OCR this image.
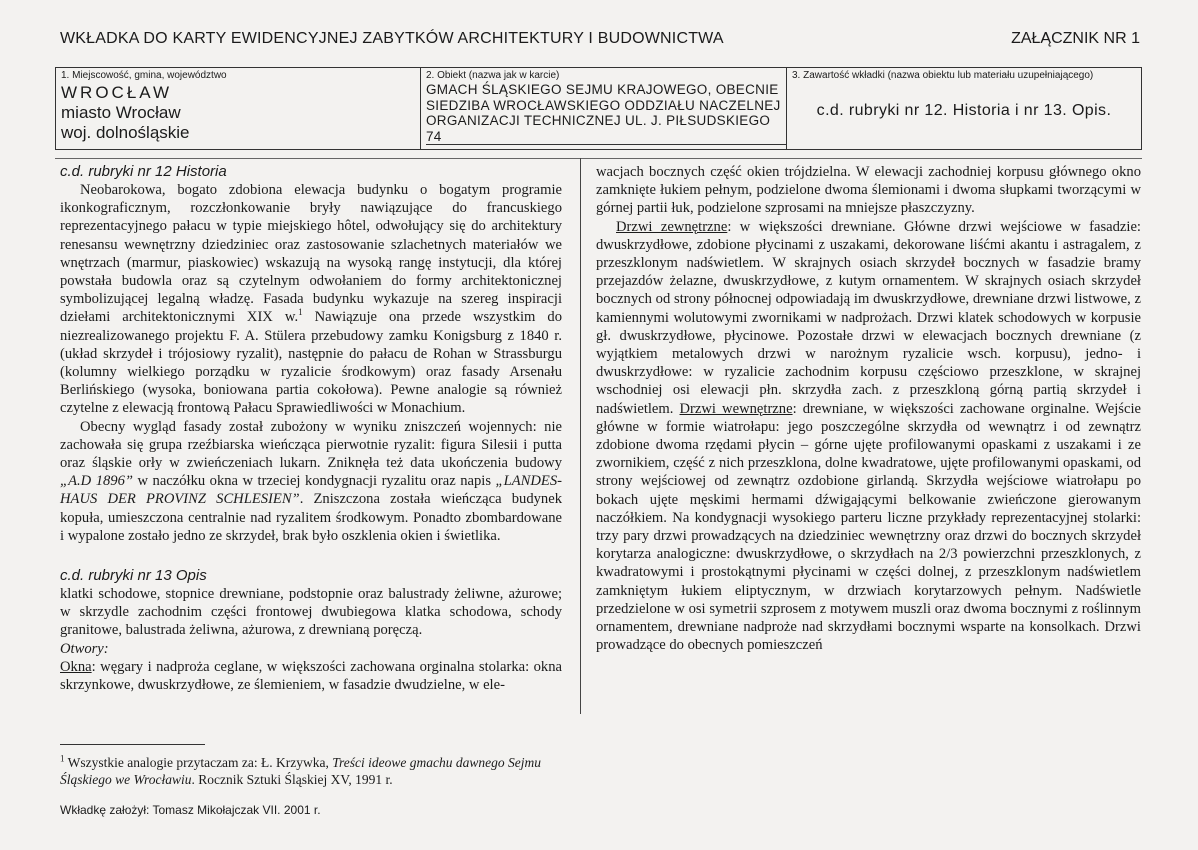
WKŁADKA DO KARTY EWIDENCYJNEJ ZABYTKÓW ARCHITEKTURY I BUDOWNICTWA	ZAŁĄCZNIK NR 1
1. Miejscowość, gmina, województwo
WROCŁAW
miasto Wrocław
woj. dolnośląskie
2. Obiekt (nazwa jak w karcie)
GMACH ŚLĄSKIEGO SEJMU KRAJOWEGO, OBECNIE SIEDZIBA WROCŁAWSKIEGO ODDZIAŁU NACZELNEJ ORGANIZACJI TECHNICZNEJ UL. J. PIŁSUDSKIEGO 74
3. Zawartość wkładki (nazwa obiektu lub materiału uzupełniającego)
c.d. rubryki nr 12. Historia i nr 13. Opis.
c.d. rubryki nr 12 Historia

Neobarokowa, bogato zdobiona elewacja budynku o bogatym programie ikonkograficznym, rozczłonkowanie bryły nawiązujące do francuskiego reprezentacyjnego pałacu w typie miejskiego hôtel, odwołujący się do architektury renesansu wewnętrzny dziedziniec oraz zastosowanie szlachetnych materiałów we wnętrzach (marmur, piaskowiec) wskazują na wysoką rangę instytucji, dla której powstała budowla oraz są czytelnym odwołaniem do formy architektonicznej symbolizującej legalną władzę. Fasada budynku wykazuje na szereg inspiracji dziełami architektonicznymi XIX w.$^1$ Nawiązuje ona przede wszystkim do niezrealizowanego projektu F. A. Stülera przebudowy zamku Konigsburg z 1840 r. (układ skrzydeł i trójosiowy ryzalit), następnie do pałacu de Rohan w Strassburgu (kolumny wielkiego porządku w ryzalicie środkowym) oraz fasady Arsenału Berlińskiego (wysoka, boniowana partia cokołowa). Pewne analogie są również czytelne z elewacją frontową Pałacu Sprawiedliwości w Monachium.

Obecny wygląd fasady został zubożony w wyniku zniszczeń wojennych: nie zachowała się grupa rzeźbiarska wieńcząca pierwotnie ryzalit: figura Silesii i putta oraz śląskie orły w zwieńczeniach lukarn. Zniknęła też data ukończenia budowy „A.D 1896” w naczółku okna w trzeciej kondygnacji ryzalitu oraz napis „LANDES-HAUS DER PROVINZ SCHLESIEN”. Zniszczona została wieńcząca budynek kopuła, umieszczona centralnie nad ryzalitem środkowym. Ponadto zbombardowane i wypalone zostało jedno ze skrzydeł, brak było oszklenia okien i świetlika.

c.d. rubryki nr 13 Opis

klatki schodowe, stopnice drewniane, podstopnie oraz balustrady żeliwne, ażurowe; w skrzydle zachodnim części frontowej dwubiegowa klatka schodowa, schody granitowe, balustrada żeliwna, ażurowa, z drewnianą poręczą.

Otwory:

Okna: węgary i nadproża ceglane, w większości zachowana orginalna stolarka: okna skrzynkowe, dwuskrzydłowe, ze ślemieniem, w fasadzie dwudzielne, w ele-

wacjach bocznych część okien trójdzielna. W elewacji zachodniej korpusu głównego okno zamknięte łukiem pełnym, podzielone dwoma ślemionami i dwoma słupkami tworzącymi w górnej partii łuk, podzielone szprosami na mniejsze płaszczyzny.

Drzwi zewnętrzne: w większości drewniane. Główne drzwi wejściowe w fasadzie: dwuskrzydłowe, zdobione płycinami z uszakami, dekorowane liśćmi akantu i astragalem, z przeszklonym nadświetlem. W skrajnych osiach skrzydeł bocznych w fasadzie bramy przejazdów żelazne, dwuskrzydłowe, z kutym ornamentem. W skrajnych osiach skrzydeł bocznych od strony północnej odpowiadają im dwuskrzydłowe, drewniane drzwi listwowe, z kamiennymi wolutowymi zwornikami w nadprożach. Drzwi klatek schodowych w korpusie gł. dwuskrzydłowe, płycinowe. Pozostałe drzwi w elewacjach bocznych drewniane (z wyjątkiem metalowych drzwi w narożnym ryzalicie wsch. korpusu), jedno- i dwuskrzydłowe: w ryzalicie zachodnim korpusu częściowo przeszklone, w skrajnej wschodniej osi elewacji płn. skrzydła zach. z przeszkloną górną partią skrzydeł i nadświetlem. Drzwi wewnętrzne: drewniane, w większości zachowane orginalne. Wejście główne w formie wiatrołapu: jego poszczególne skrzydła od wewnątrz i od zewnątrz zdobione dwoma rzędami płycin – górne ujęte profilowanymi opaskami z uszakami i ze zwornikiem, część z nich przeszklona, dolne kwadratowe, ujęte profilowanymi opaskami, od strony wejściowej od zewnątrz ozdobione girlandą. Skrzydła wejściowe wiatrołapu po bokach ujęte męskimi hermami dźwigającymi belkowanie zwieńczone gierowanym naczółkiem. Na kondygnacji wysokiego parteru liczne przykłady reprezentacyjnej stolarki: trzy pary drzwi prowadzących na dziedziniec wewnętrzny oraz drzwi do bocznych skrzydeł korytarza analogiczne: dwuskrzydłowe, o skrzydłach na 2/3 powierzchni przeszklonych, z kwadratowymi i prostokątnymi płycinami w części dolnej, z przeszklonym nadświetlem zamkniętym łukiem eliptycznym, w drzwiach korytarzowych pełnym. Nadświetle przedzielone w osi symetrii szprosem z motywem muszli oraz dwoma bocznymi z roślinnym ornamentem, drewniane nadproże nad skrzydłami bocznymi wsparte na konsolkach. Drzwi prowadzące do obecnych pomieszczeń

$^1$ Wszystkie analogie przytaczam za: Ł. Krzywka, Treści ideowe gmachu dawnego Sejmu Śląskiego we Wrocławiu. Rocznik Sztuki Śląskiej XV, 1991 r.
Wkładkę założył: Tomasz Mikołajczak VII. 2001 r.
